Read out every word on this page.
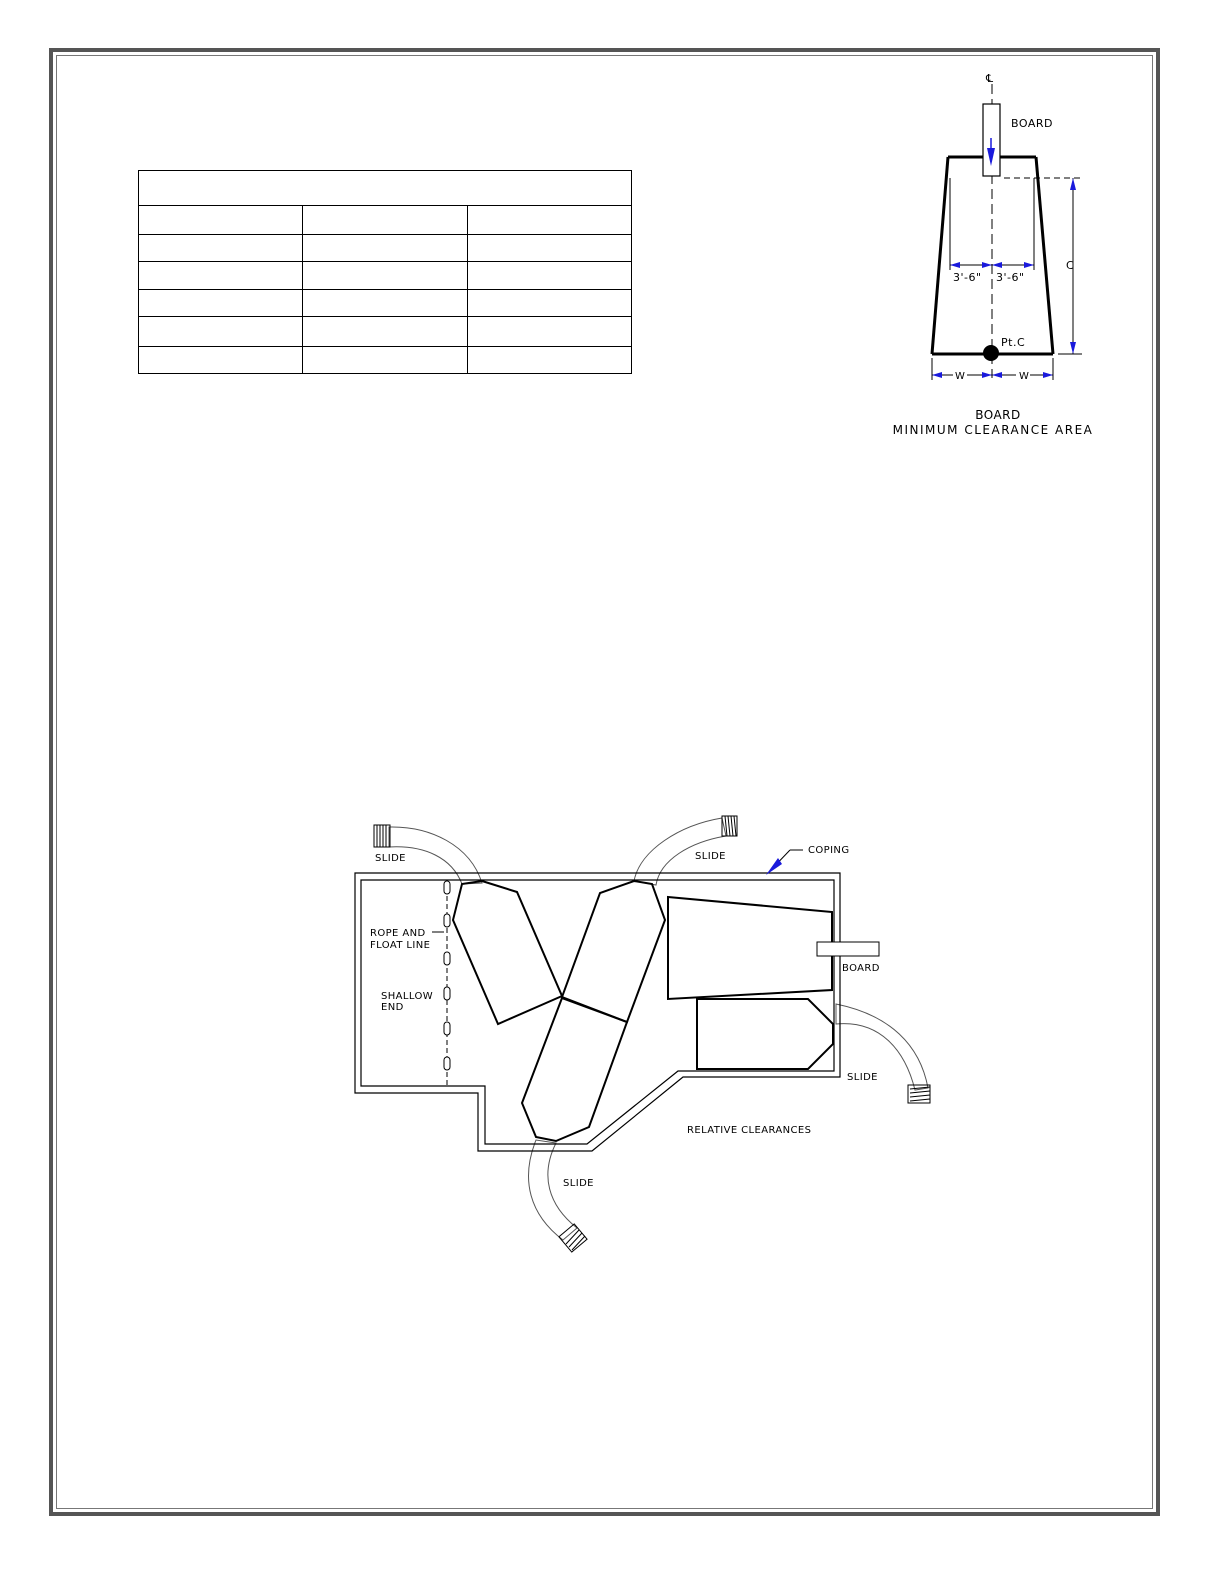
℄
BOARD
3'-6" 3'-6"
C
Pt.C
W	W
BOARD
MINIMUM CLEARANCE AREA
SLIDE	SLIDE
SLIDE
SLIDE
COPING
ROPE AND
FLOAT LINE
SHALLOW
END
BOARD
RELATIVE CLEARANCES
